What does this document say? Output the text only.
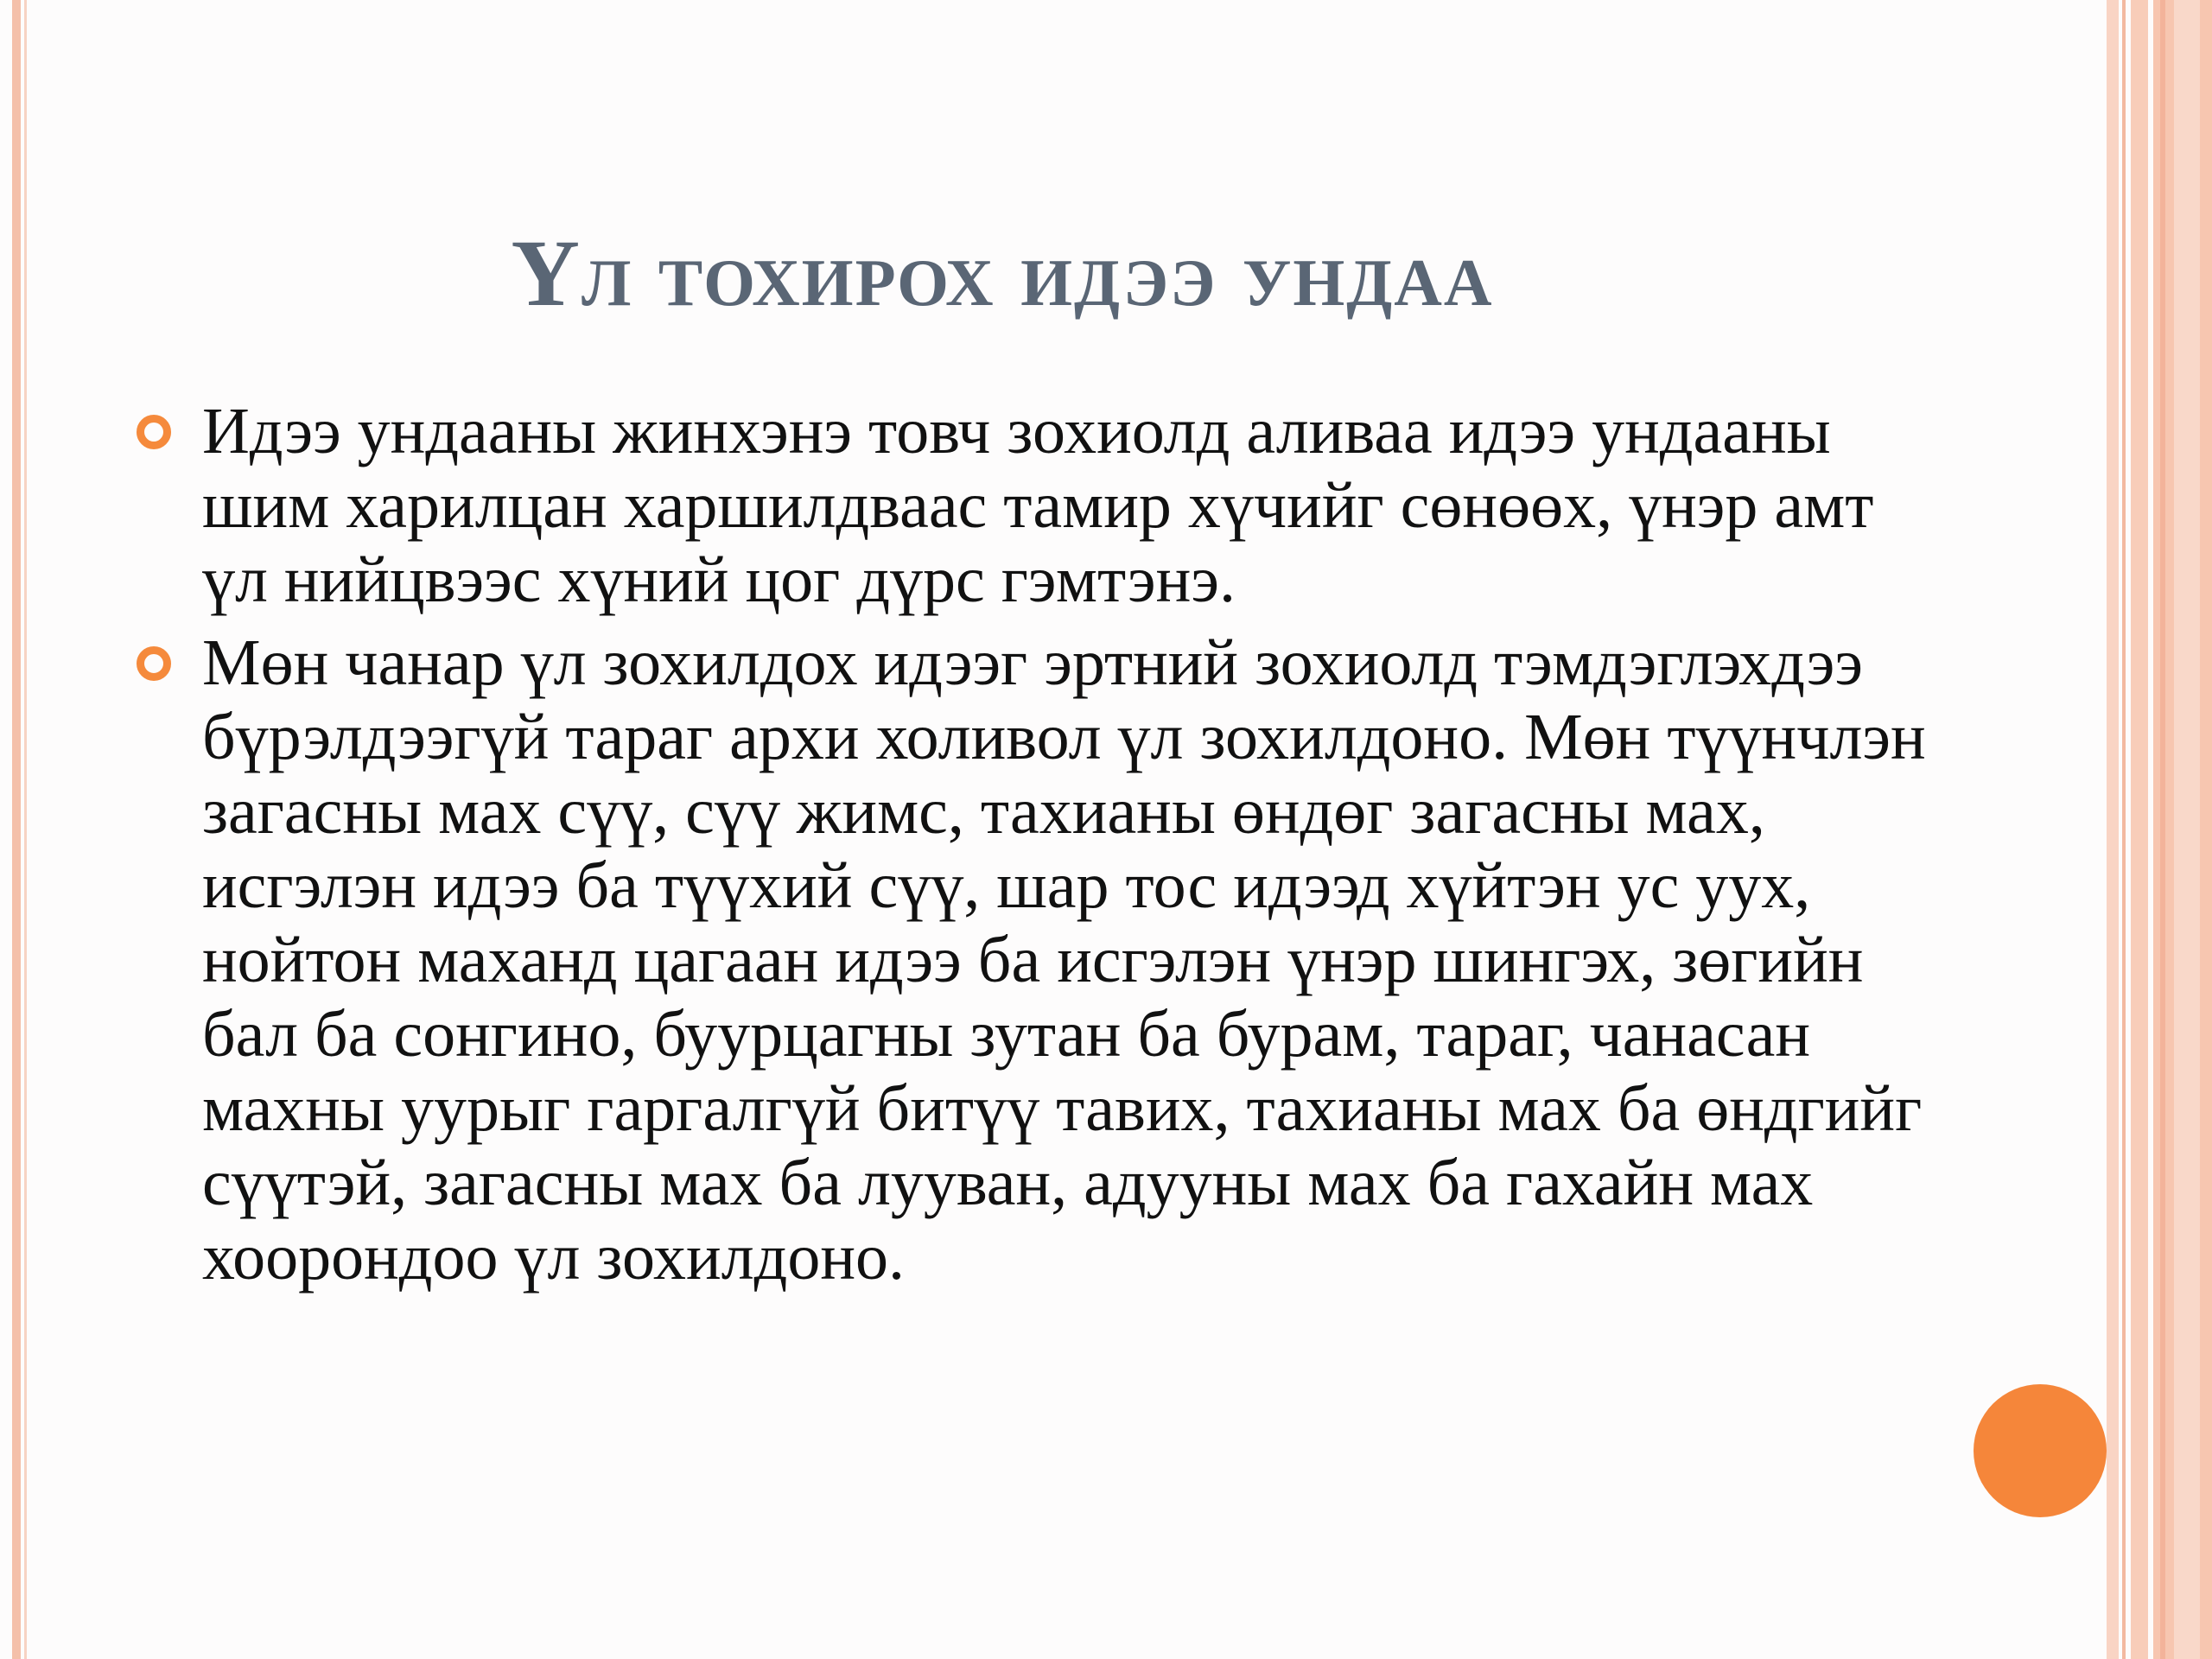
Үл тохирох идээ ундаа
Идээ ундааны жинхэнэ товч зохиолд аливаа идээ ундааны шим харилцан харшилдваас тамир хүчийг сөнөөх, үнэр амт үл нийцвээс хүний цог дүрс гэмтэнэ.
Мөн чанар үл зохилдох идээг эртний зохиолд тэмдэглэхдээ бүрэлдээгүй тараг архи холивол үл зохилдоно. Мөн түүнчлэн загасны мах сүү, сүү жимс, тахианы өндөг загасны мах, исгэлэн идээ ба түүхий сүү, шар тос идээд хүйтэн ус уух, нойтон маханд цагаан идээ ба исгэлэн үнэр шингэх, зөгийн бал ба сонгино, буурцагны зутан ба бурам, тараг, чанасан махны уурыг гаргалгүй битүү тавих, тахианы мах ба өндгийг сүүтэй, загасны мах ба лууван, адууны мах ба гахайн мах хоорондоо үл зохилдоно.
